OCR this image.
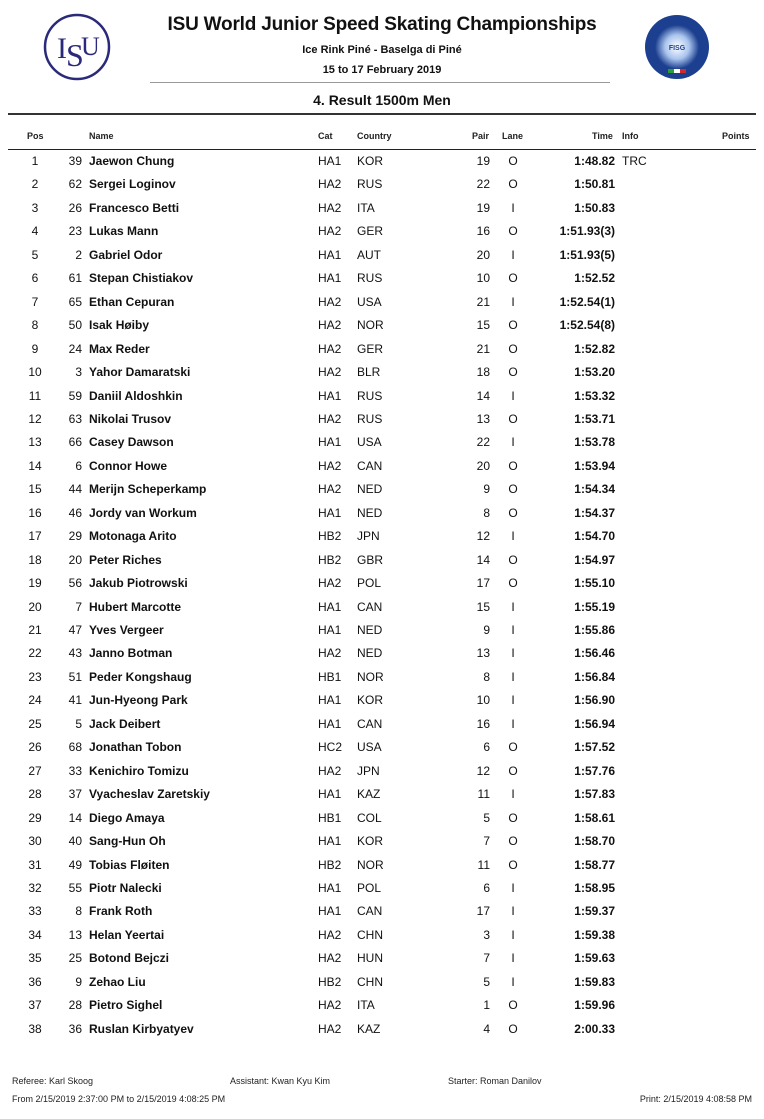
I S
U	FISG
ISU World Junior Speed Skating Championships
Ice Rink Piné - Baselga di Piné
15 to 17 February 2019
4. Result 1500m Men
Pos	Name	Cat	Country	Pair Lane	Time Info	Points
1	39 Jaewon Chung	HA1 KOR	19 O	1:48.82 TRC
2	62 Sergei Loginov	HA2 RUS	22 O	1:50.81
3	26 Francesco Betti	HA2 ITA	19	I	1:50.83
4	23 Lukas Mann	HA2 GER	16 O	1:51.93(3)
5	2 Gabriel Odor	HA1 AUT	20	I	1:51.93(5)
6	61 Stepan Chistiakov	HA1 RUS	10 O	1:52.52
7	65 Ethan Cepuran	HA2 USA	21	I	1:52.54(1)
8	50 Isak Høiby	HA2 NOR	15 O	1:52.54(8)
9	24 Max Reder	HA2 GER	21 O	1:52.82
10	3 Yahor Damaratski	HA2 BLR	18 O	1:53.20
11	59 Daniil Aldoshkin	HA1 RUS	14	I	1:53.32
12	63 Nikolai Trusov	HA2 RUS	13 O	1:53.71
13	66 Casey Dawson	HA1 USA	22	I	1:53.78
14	6 Connor Howe	HA2 CAN	20 O	1:53.94
15	44 Merijn Scheperkamp	HA2 NED	9 O	1:54.34
16	46 Jordy van Workum	HA1 NED	8 O	1:54.37
17	29 Motonaga Arito	HB2 JPN	12	I	1:54.70
18	20 Peter Riches	HB2 GBR	14 O	1:54.97
19	56 Jakub Piotrowski	HA2 POL	17 O	1:55.10
20	7 Hubert Marcotte	HA1 CAN	15	I	1:55.19
21	47 Yves Vergeer	HA1 NED	9	I	1:55.86
22	43 Janno Botman	HA2 NED	13	I	1:56.46
23	51 Peder Kongshaug	HB1 NOR	8	I	1:56.84
24	41 Jun-Hyeong Park	HA1 KOR	10	I	1:56.90
25	5 Jack Deibert	HA1 CAN	16	I	1:56.94
26	68 Jonathan Tobon	HC2 USA	6 O	1:57.52
27	33 Kenichiro Tomizu	HA2 JPN	12 O	1:57.76
28	37 Vyacheslav Zaretskiy	HA1 KAZ	11	I	1:57.83
29	14 Diego Amaya	HB1 COL	5 O	1:58.61
30	40 Sang-Hun Oh	HA1 KOR	7 O	1:58.70
31	49 Tobias Fløiten	HB2 NOR	11 O	1:58.77
32	55 Piotr Nalecki	HA1 POL	6	I	1:58.95
33	8 Frank Roth	HA1 CAN	17	I	1:59.37
34	13 Helan Yeertai	HA2 CHN	3	I	1:59.38
35	25 Botond Bejczi	HA2 HUN	7	I	1:59.63
36	9 Zehao Liu	HB2 CHN	5	I	1:59.83
37	28 Pietro Sighel	HA2 ITA	1 O	1:59.96
38	36 Ruslan Kirbyatyev	HA2 KAZ	4 O	2:00.33
Referee: Karl Skoog	Assistant: Kwan Kyu Kim	Starter: Roman Danilov
From 2/15/2019 2:37:00 PM to 2/15/2019 4:08:25 PM	Print: 2/15/2019 4:08:58 PM
